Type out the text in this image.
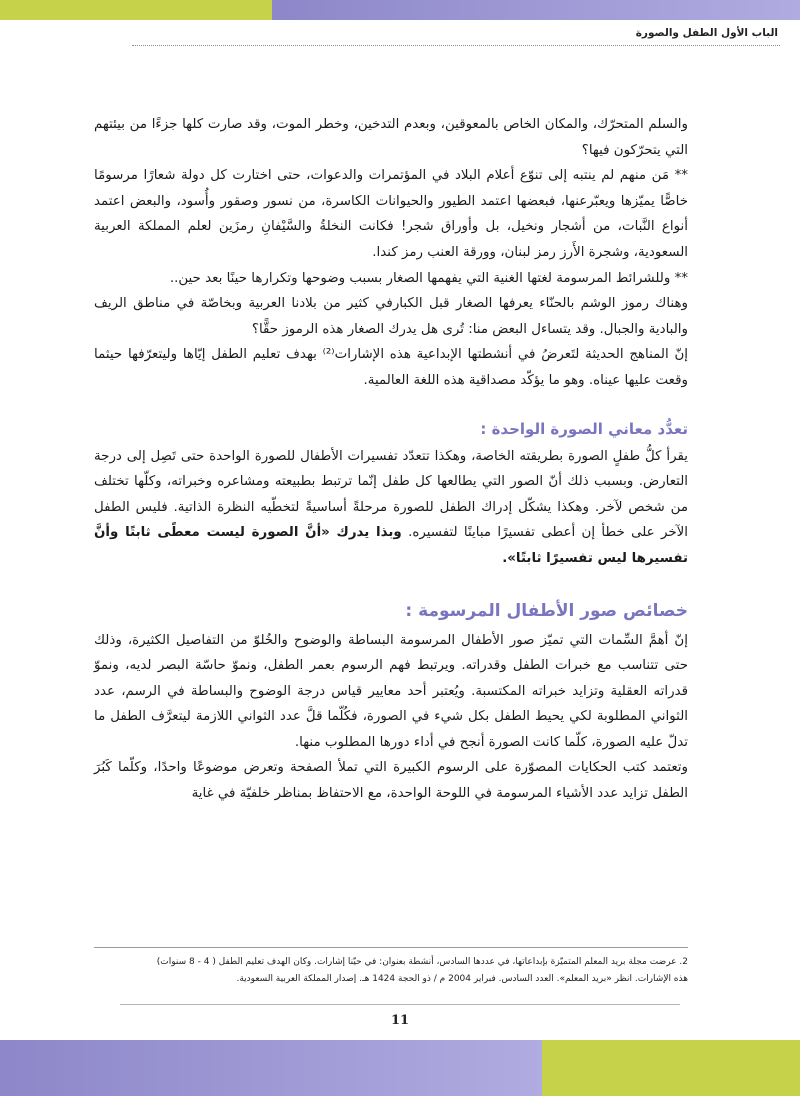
الباب الأول الطفل والصورة

والسلم المتحرّك، والمكان الخاص بالمعوقين، وبعدم التدخين، وخطر الموت، وقد صارت كلها جزءًا من بيئتهم التي يتحرّكون فيها؟

** مَن منهم لم ينتبه إلى تنوّع أعلام البلاد في المؤتمرات والدعوات، حتى اختارت كل دولة شعارًا مرسومًا خاصًّا يميّزها ويعبّرعنها، فبعضها اعتمد الطيور والحيوانات الكاسرة، من نسور وصقور وأُسود، والبعض اعتمد أنواع النَّبات، من أشجار ونخيل، بل وأوراق شجر! فكانت النخلةُ والسَّيْفانِ رمزَين لعلم المملكة العربية السعودية، وشجرة الأَرز رمز لبنان، وورقة العنب رمز كندا.

** وللشرائط المرسومة لغتها الغنية التي يفهمها الصغار بسبب وضوحها وتكرارها حينًا بعد حين..

وهناك رموز الوشم بالحنّاء يعرفها الصغار قبل الكبارفي كثير من بلادنا العربية وبخاصّة في مناطق الريف والبادية والجبال. وقد يتساءل البعض منا: تُرى هل يدرك الصغار هذه الرموز حقًّا؟

إنّ المناهج الحديثة لتَعرضُ في أنشطتها الإبداعية هذه الإشارات⁽²⁾ بهدف تعليم الطفل إيّاها وليتعرّفها حيثما وقعت عليها عيناه. وهو ما يؤكّد مصداقية هذه اللغة العالمية.

تعدُّد معاني الصورة الواحدة :

يقرأ كلُّ طفلٍ الصورة بطريقته الخاصة، وهكذا تتعدّد تفسيرات الأطفال للصورة الواحدة حتى تَصِل إلى درجة التعارض. وبسبب ذلك أنّ الصور التي يطالعها كل طفل إنّما ترتبط بطبيعته ومشاعره وخبراته، وكلّها تختلف من شخص لآخر. وهكذا يشكّل إدراك الطفل للصورة مرحلةً أساسيةً لتخطّيه النظرة الذاتية. فليس الطفل الآخر على خطأ إن أعطى تفسيرًا مباينًا لتفسيره. وبذا يدرك «أنَّ الصورة ليست معطًى ثابتًا وأنَّ تفسيرها ليس تفسيرًا ثابتًا».

خصائص صور الأطفال المرسومة :

إنّ أهمَّ السِّمات التي تميّز صور الأطفال المرسومة البساطة والوضوح والخُلوّ من التفاصيل الكثيرة، وذلك حتى تتناسب مع خبرات الطفل وقدراته. ويرتبط فهم الرسوم بعمر الطفل، ونموّ حاسّة البصر لديه، ونموّ قدراته العقلية وتزايد خبراته المكتسبة. ويُعتبر أحد معايير قياس درجة الوضوح والبساطة في الرسم، عدد الثواني المطلوبة لكي يحيط الطفل بكل شيء في الصورة، فكُلّما قلَّ عدد الثواني اللازمة ليتعرَّف الطفل ما تدلّ عليه الصورة، كلّما كانت الصورة أنجح في أداء دورها المطلوب منها.

وتعتمد كتب الحكايات المصوّرة على الرسوم الكبيرة التي تملأ الصفحة وتعرض موضوعًا واحدًا، وكلّما كَبُرَ الطفل تزايد عدد الأشياء المرسومة في اللوحة الواحدة، مع الاحتفاظ بمناظر خلفيّة في غاية

2. عرضت مجلة بريد المعلم المتميّزة بإبداعاتها، في عددها السادس، أنشطة بعنوان: في حيّنا إشارات. وكان الهدف تعليم الطفل ( 4 - 8 سنوات)
هذه الإشارات. انظر «بريد المعلم». العدد السادس. فبراير 2004 م / ذو الحجة 1424 هـ. إصدار المملكة العربية السعودية.
11
